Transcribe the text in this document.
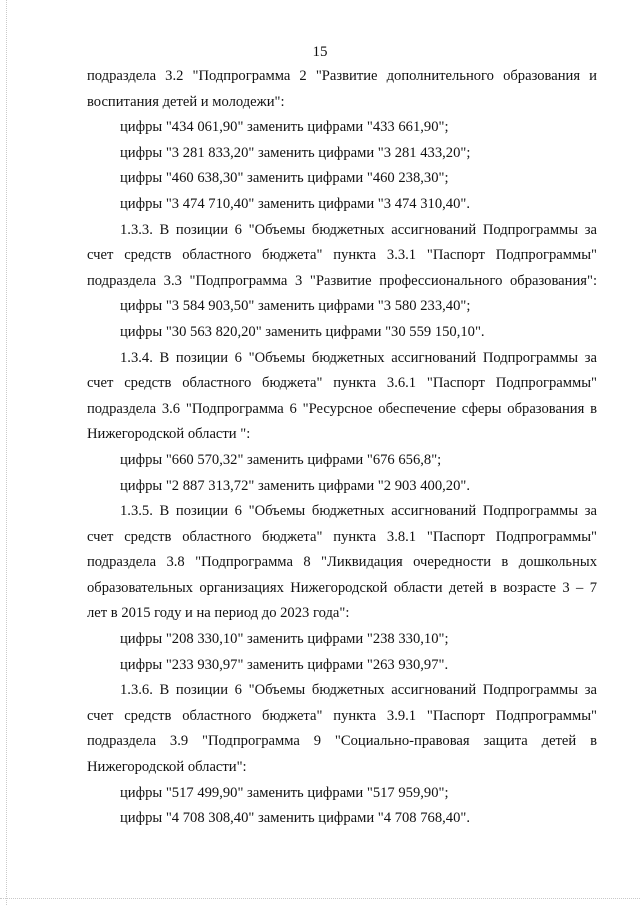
15
подраздела 3.2 "Подпрограмма 2 "Развитие дополнительного образования и
воспитания детей и молодежи":
цифры "434 061,90" заменить цифрами "433 661,90";
цифры "3 281 833,20" заменить цифрами "3 281 433,20";
цифры "460 638,30" заменить цифрами "460 238,30";
цифры "3 474 710,40" заменить цифрами "3 474 310,40".
1.3.3. В позиции 6 "Объемы бюджетных ассигнований Подпрограммы за
счет средств областного бюджета" пункта 3.3.1 "Паспорт Подпрограммы"
подраздела 3.3 "Подпрограмма 3 "Развитие профессионального образования":
цифры "3 584 903,50" заменить цифрами "3 580 233,40";
цифры "30 563 820,20" заменить цифрами "30 559 150,10".
1.3.4. В позиции 6 "Объемы бюджетных ассигнований Подпрограммы за
счет средств областного бюджета" пункта 3.6.1 "Паспорт Подпрограммы"
подраздела 3.6 "Подпрограмма 6 "Ресурсное обеспечение сферы образования в
Нижегородской области ":
цифры "660 570,32" заменить цифрами "676 656,8";
цифры "2 887 313,72" заменить цифрами "2 903 400,20".
1.3.5. В позиции 6 "Объемы бюджетных ассигнований Подпрограммы за
счет средств областного бюджета" пункта 3.8.1 "Паспорт Подпрограммы"
подраздела 3.8 "Подпрограмма 8 "Ликвидация очередности в дошкольных
образовательных организациях Нижегородской области детей в возрасте 3 – 7
лет в 2015 году и на период до 2023 года":
цифры "208 330,10" заменить цифрами "238 330,10";
цифры "233 930,97" заменить цифрами "263 930,97".
1.3.6. В позиции 6 "Объемы бюджетных ассигнований Подпрограммы за
счет средств областного бюджета" пункта 3.9.1 "Паспорт Подпрограммы"
подраздела 3.9 "Подпрограмма 9 "Социально-правовая защита детей в
Нижегородской области":
цифры "517 499,90" заменить цифрами "517 959,90";
цифры "4 708 308,40" заменить цифрами "4 708 768,40".
